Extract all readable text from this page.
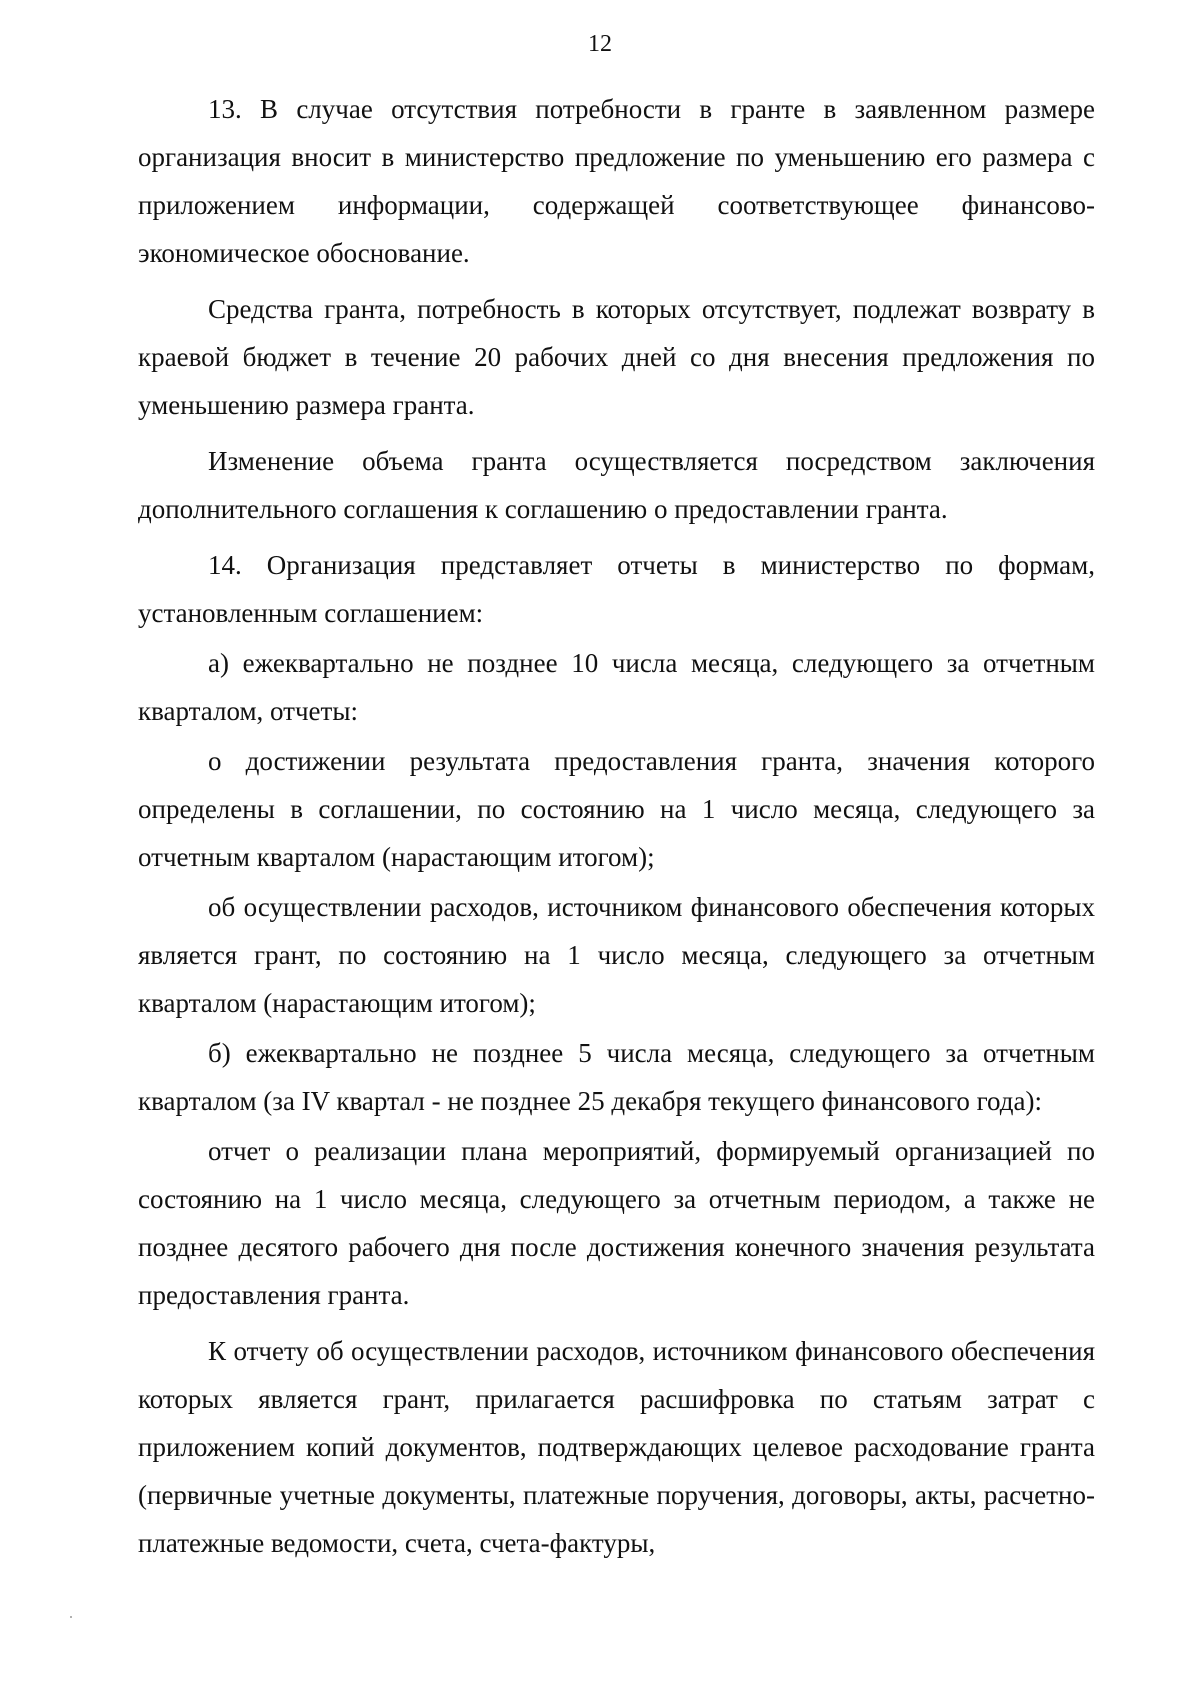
12

13. В случае отсутствия потребности в гранте в заявленном размере организация вносит в министерство предложение по уменьшению его размера с приложением информации, содержащей соответствующее финансово-экономическое обоснование.

Средства гранта, потребность в которых отсутствует, подлежат возврату в краевой бюджет в течение 20 рабочих дней со дня внесения предложения по уменьшению размера гранта.

Изменение объема гранта осуществляется посредством заключения дополнительного соглашения к соглашению о предоставлении гранта.

14. Организация представляет отчеты в министерство по формам, установленным соглашением:

а) ежеквартально не позднее 10 числа месяца, следующего за отчетным кварталом, отчеты:

о достижении результата предоставления гранта, значения которого определены в соглашении, по состоянию на 1 число месяца, следующего за отчетным кварталом (нарастающим итогом);

об осуществлении расходов, источником финансового обеспечения которых является грант, по состоянию на 1 число месяца, следующего за отчетным кварталом (нарастающим итогом);

б) ежеквартально не позднее 5 числа месяца, следующего за отчетным кварталом (за IV квартал - не позднее 25 декабря текущего финансового года):

отчет о реализации плана мероприятий, формируемый организацией по состоянию на 1 число месяца, следующего за отчетным периодом, а также не позднее десятого рабочего дня после достижения конечного значения результата предоставления гранта.

К отчету об осуществлении расходов, источником финансового обеспечения которых является грант, прилагается расшифровка по статьям затрат с приложением копий документов, подтверждающих целевое расходование гранта (первичные учетные документы, платежные поручения, договоры, акты, расчетно-платежные ведомости, счета, счета-фактуры,
